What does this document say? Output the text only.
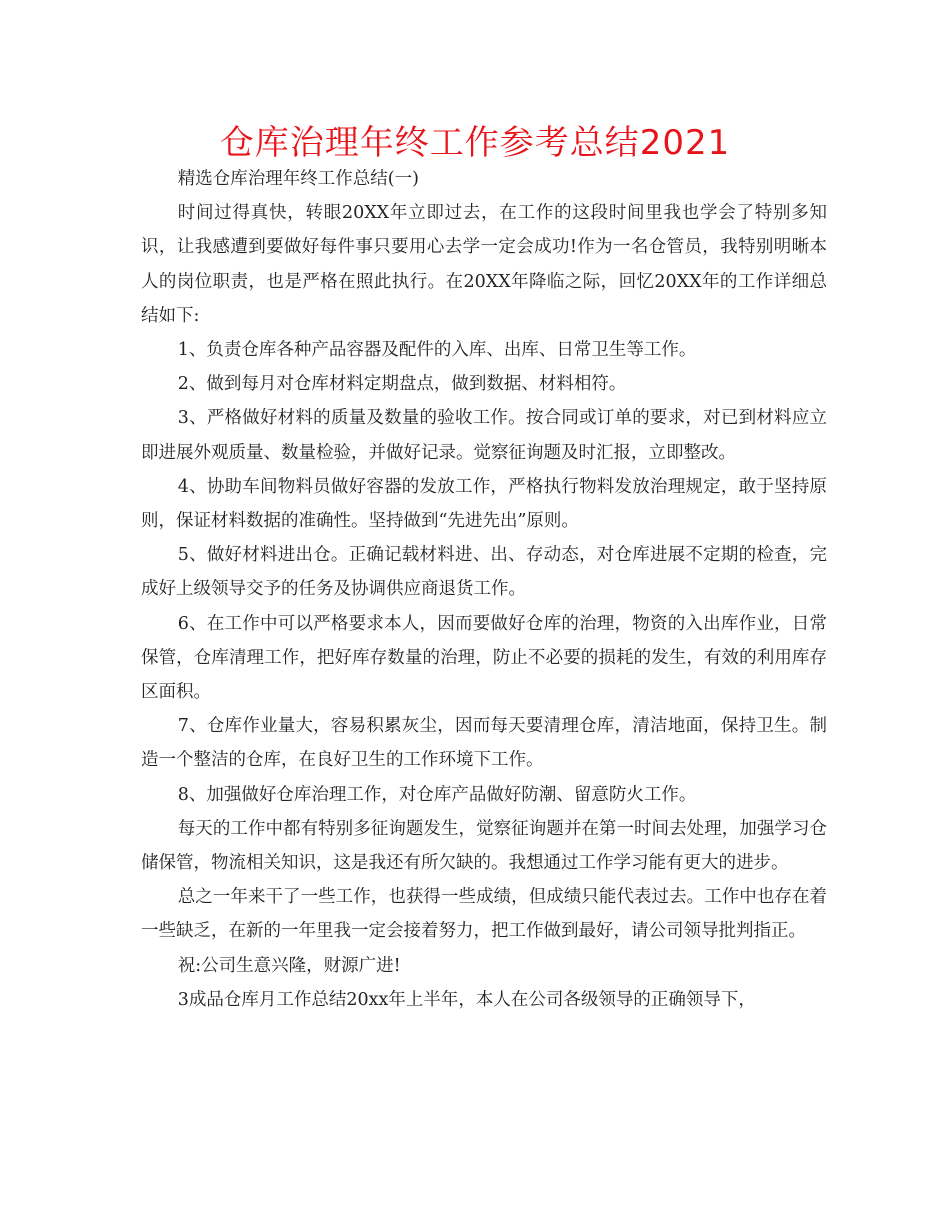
仓库治理年终工作参考总结2021

精选仓库治理年终工作总结(一)

时间过得真快，转眼20XX年立即过去，在工作的这段时间里我也学会了特别多知识，让我感遭到要做好每件事只要用心去学一定会成功!作为一名仓管员，我特别明晰本人的岗位职责，也是严格在照此执行。在20XX年降临之际，回忆20XX年的工作详细总结如下:

1、负责仓库各种产品容器及配件的入库、出库、日常卫生等工作。

2、做到每月对仓库材料定期盘点，做到数据、材料相符。

3、严格做好材料的质量及数量的验收工作。按合同或订单的要求，对已到材料应立即进展外观质量、数量检验，并做好记录。觉察征询题及时汇报，立即整改。

4、协助车间物料员做好容器的发放工作，严格执行物料发放治理规定，敢于坚持原则，保证材料数据的准确性。坚持做到“先进先出”原则。

5、做好材料进出仓。正确记载材料进、出、存动态，对仓库进展不定期的检查，完成好上级领导交予的任务及协调供应商退货工作。

6、在工作中可以严格要求本人，因而要做好仓库的治理，物资的入出库作业，日常保管，仓库清理工作，把好库存数量的治理，防止不必要的损耗的发生，有效的利用库存区面积。

7、仓库作业量大，容易积累灰尘，因而每天要清理仓库，清洁地面，保持卫生。制造一个整洁的仓库，在良好卫生的工作环境下工作。

8、加强做好仓库治理工作，对仓库产品做好防潮、留意防火工作。

每天的工作中都有特别多征询题发生，觉察征询题并在第一时间去处理，加强学习仓储保管，物流相关知识，这是我还有所欠缺的。我想通过工作学习能有更大的进步。

总之一年来干了一些工作，也获得一些成绩，但成绩只能代表过去。工作中也存在着一些缺乏，在新的一年里我一定会接着努力，把工作做到最好，请公司领导批判指正。

祝:公司生意兴隆，财源广进!

3成品仓库月工作总结20xx年上半年，本人在公司各级领导的正确领导下，
